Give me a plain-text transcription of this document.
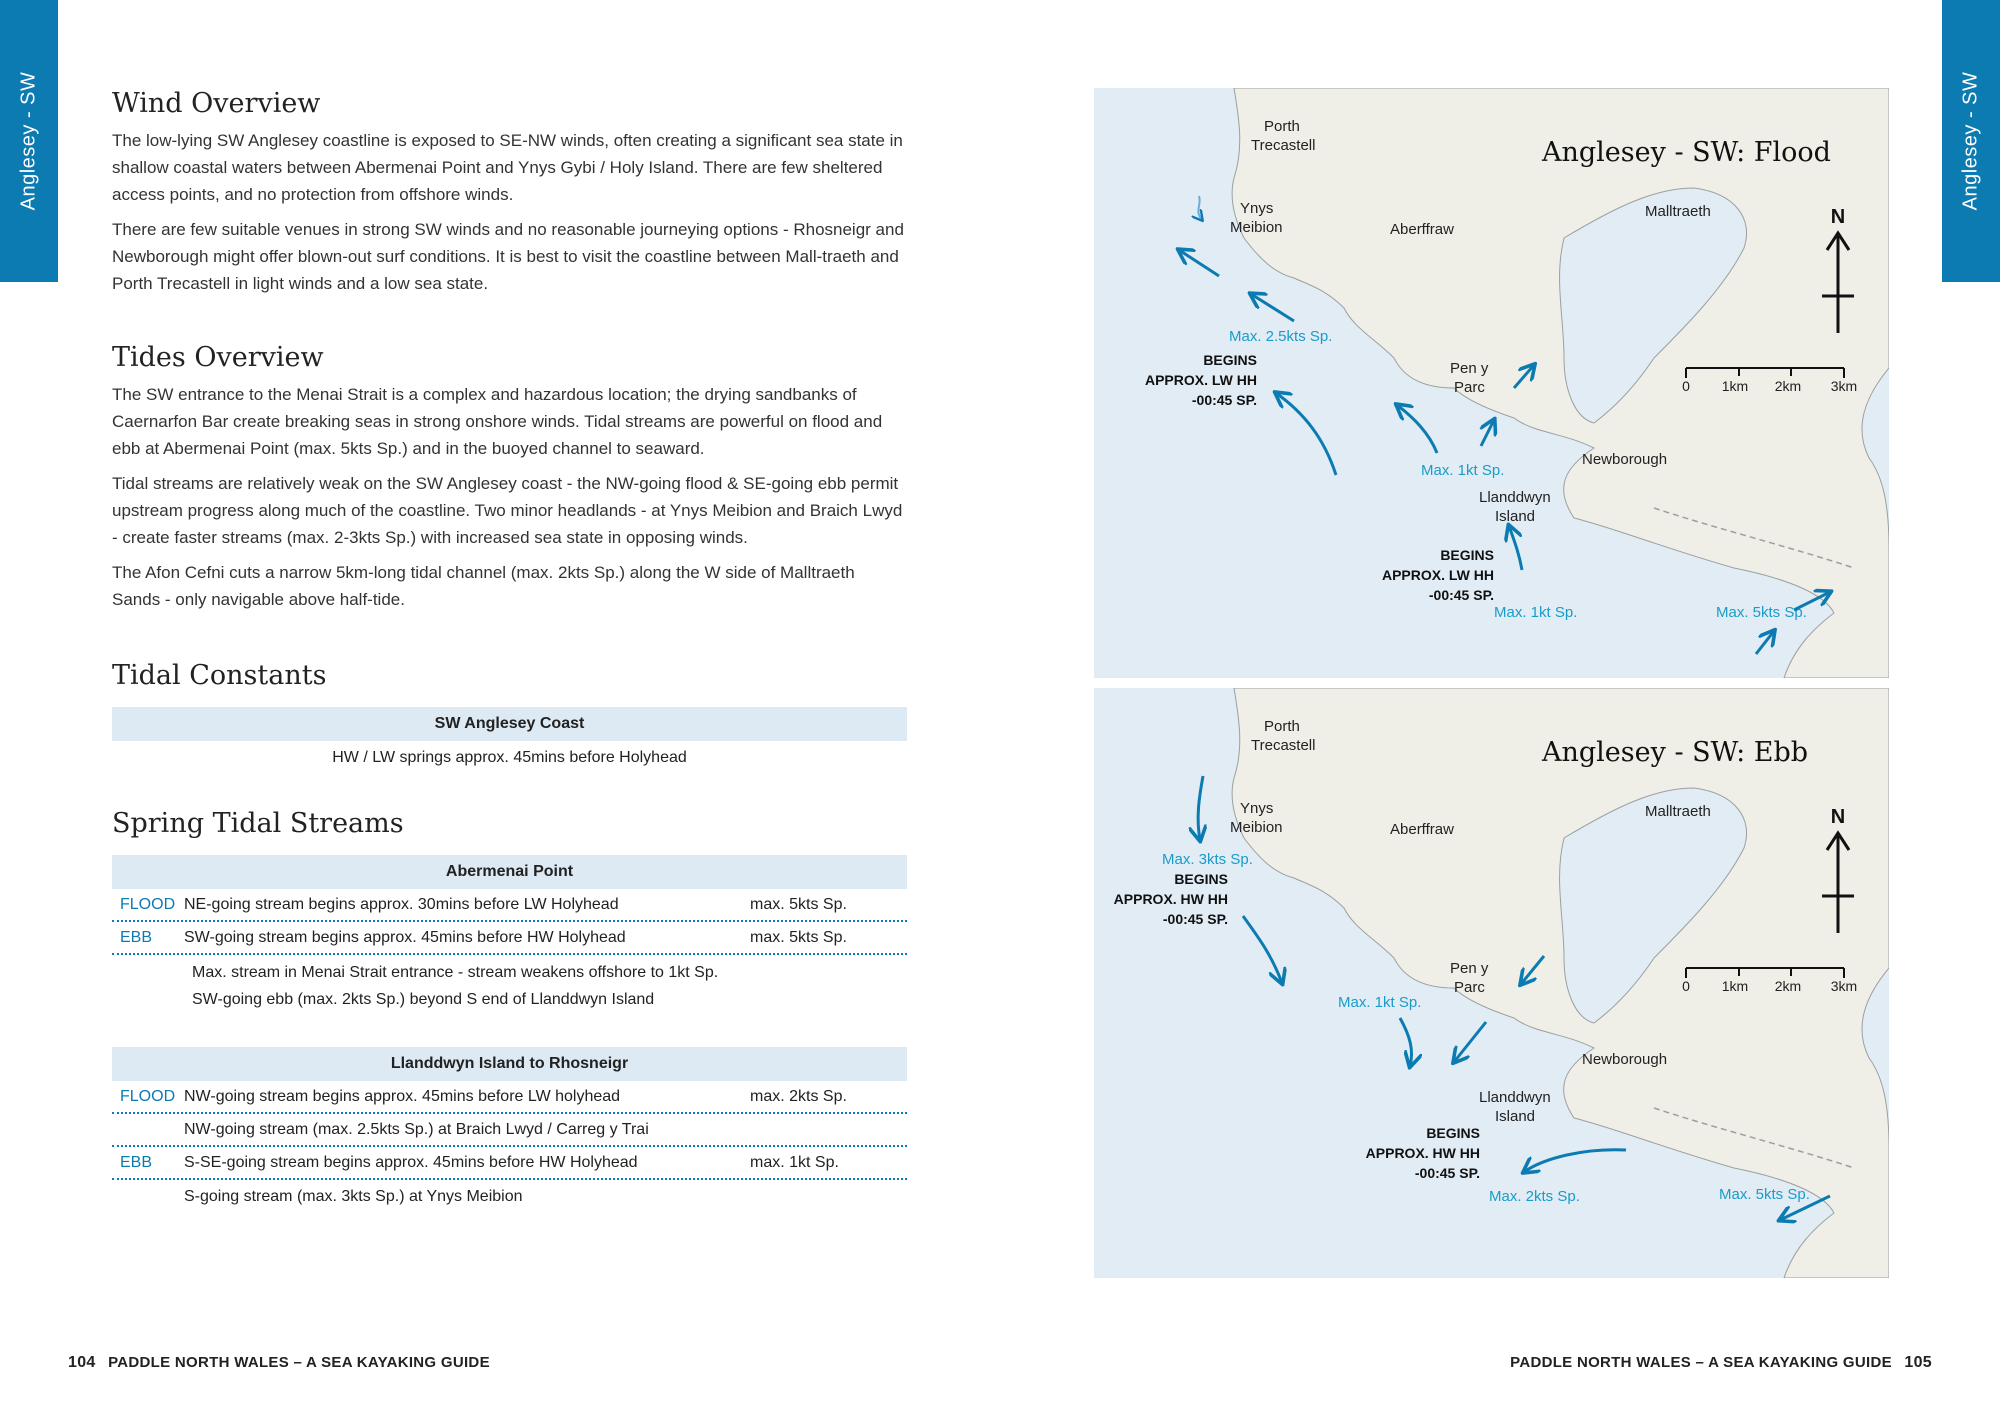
Anglesey - SW	Anglesey - SW
Wind Overview

The low-lying SW Anglesey coastline is exposed to SE-NW winds, often creating a significant sea state in shallow coastal waters between Abermenai Point and Ynys Gybi / Holy Island. There are few sheltered access points, and no protection from offshore winds.

There are few suitable venues in strong SW winds and no reasonable journeying options - Rhosneigr and Newborough might offer blown-out surf conditions. It is best to visit the coastline between Mall-traeth and Porth Trecastell in light winds and a low sea state.

Tides Overview

The SW entrance to the Menai Strait is a complex and hazardous location; the drying sandbanks of Caernarfon Bar create breaking seas in strong onshore winds. Tidal streams are powerful on flood and ebb at Abermenai Point (max. 5kts Sp.) and in the buoyed channel to seaward.

Tidal streams are relatively weak on the SW Anglesey coast - the NW-going flood & SE-going ebb permit upstream progress along much of the coastline. Two minor headlands - at Ynys Meibion and Braich Lwyd - create faster streams (max. 2-3kts Sp.) with increased sea state in opposing winds.

The Afon Cefni cuts a narrow 5km-long tidal channel (max. 2kts Sp.) along the W side of Malltraeth Sands - only navigable above half-tide.

Tidal Constants
SW Anglesey Coast
HW / LW springs approx. 45mins before Holyhead
Spring Tidal Streams
Abermenai Point
FLOOD NE-going stream begins approx. 30mins before LW Holyhead	max. 5kts Sp.
EBB	SW-going stream begins approx. 45mins before HW Holyhead	max. 5kts Sp.
Max. stream in Menai Strait entrance - stream weakens offshore to 1kt Sp.
SW-going ebb (max. 2kts Sp.) beyond S end of Llanddwyn Island
Llanddwyn Island to Rhosneigr
FLOOD NW-going stream begins approx. 45mins before LW holyhead	max. 2kts Sp.
NW-going stream (max. 2.5kts Sp.) at Braich Lwyd / Carreg y Trai
EBB	S-SE-going stream begins approx. 45mins before HW Holyhead	max. 1kt Sp.
S-going stream (max. 3kts Sp.) at Ynys Meibion
Anglesey - SW: Flood
Porth
Trecastell
Ynys
Meibion	Aberffraw
Malltraeth
Pen y
Parc
Newborough
Llanddwyn
Island
Max. 2.5kts Sp.
Max. 1kt Sp.
Max. 1kt Sp.	Max. 5kts Sp.
BEGINS
APPROX. LW HH
-00:45 SP.
BEGINS
APPROX. LW HH
-00:45 SP.
N
0 1km 2km 3km
Anglesey - SW: Ebb
Porth
Trecastell
Ynys
Meibion	Aberffraw
Malltraeth
Pen y
Parc
Newborough
Llanddwyn
Island
Max. 3kts Sp.
Max. 1kt Sp.
Max. 2kts Sp.	Max. 5kts Sp.
BEGINS
APPROX. HW HH
-00:45 SP.
BEGINS
APPROX. HW HH
-00:45 SP.
N
0 1km 2km 3km
104 PADDLE NORTH WALES – A SEA KAYAKING GUIDE	PADDLE NORTH WALES – A SEA KAYAKING GUIDE 105
